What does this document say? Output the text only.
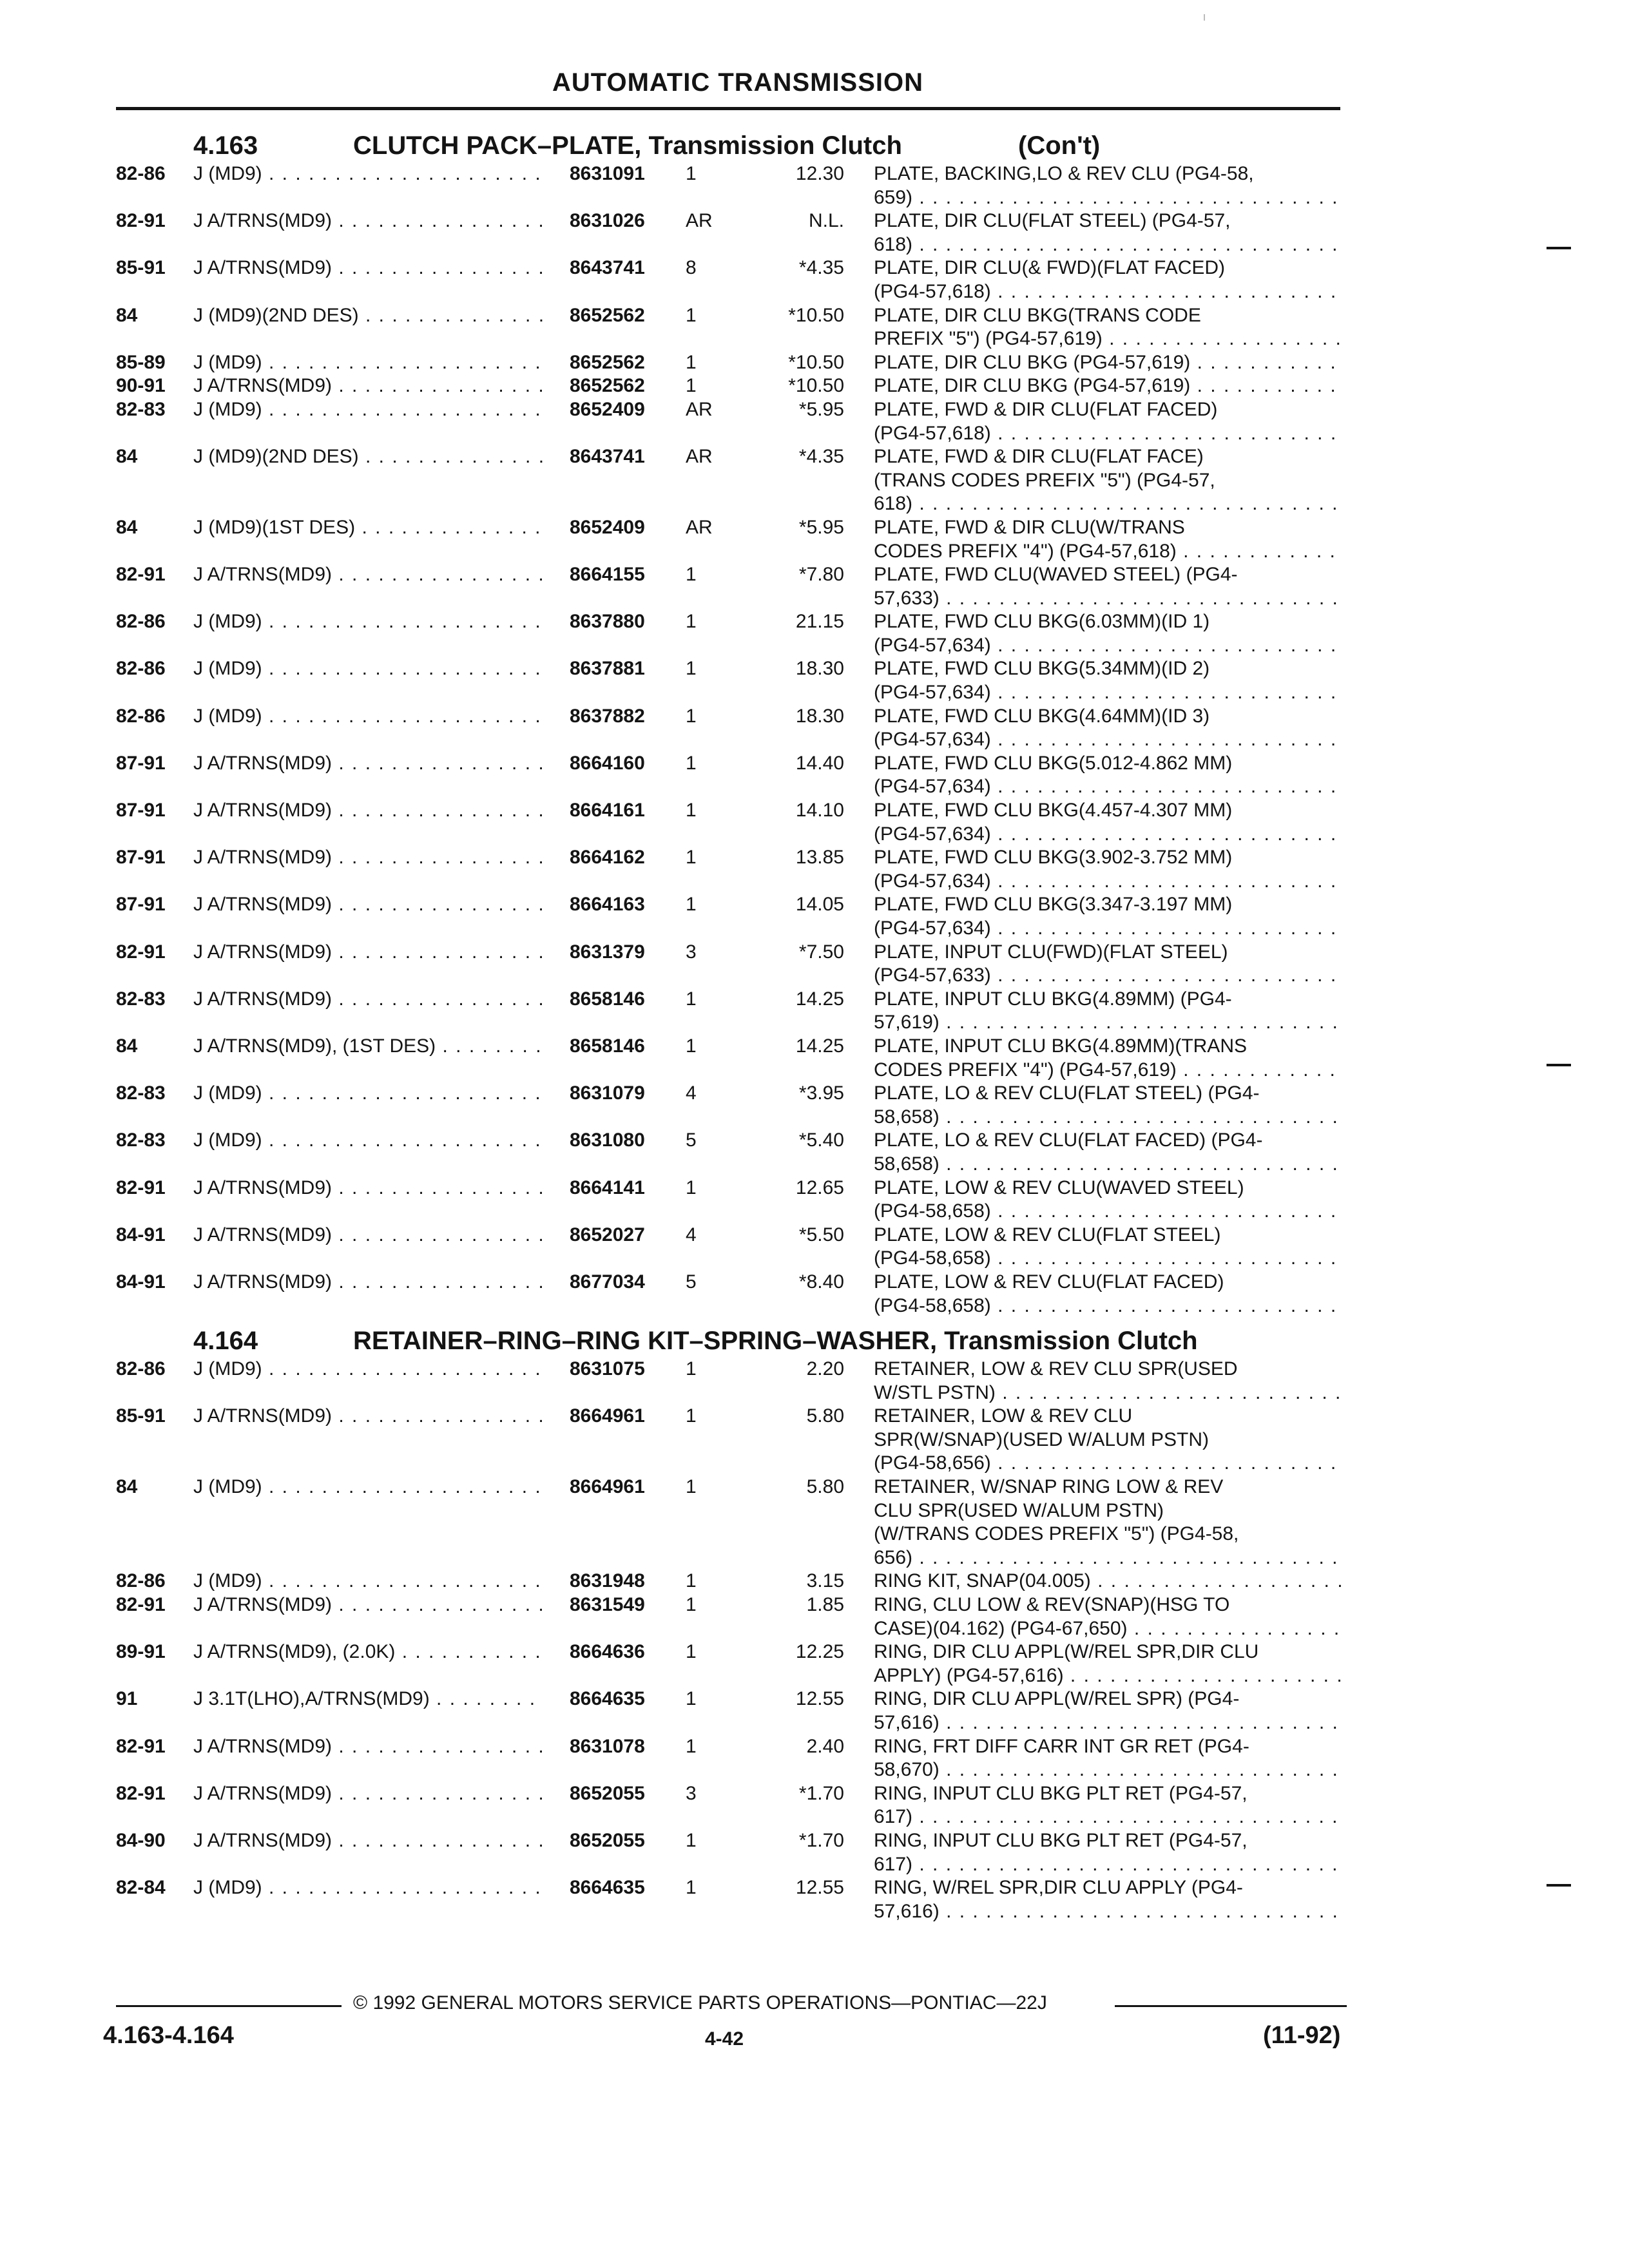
AUTOMATIC TRANSMISSION
4.163	CLUTCH PACK–PLATE, Transmission Clutch	(Con't)
82-86	J (MD9) . . .	8631091 1	12.30 PLATE, BACKING,LO & REV CLU (PG4-58,
659) . . .
82-91	J A/TRNS(MD9) . . .	8631026 AR	N.L. PLATE, DIR CLU(FLAT STEEL) (PG4-57,
618) . . .
85-91	J A/TRNS(MD9) . . .	8643741 8	*4.35 PLATE, DIR CLU(& FWD)(FLAT FACED)
(PG4-57,618) . . .
84	J (MD9)(2ND DES) . . .	8652562 1	*10.50 PLATE, DIR CLU BKG(TRANS CODE
PREFIX "5") (PG4-57,619) . . .
85-89	J (MD9) . . .	8652562 1	*10.50 PLATE, DIR CLU BKG (PG4-57,619) . . .
90-91	J A/TRNS(MD9) . . .	8652562 1	*10.50 PLATE, DIR CLU BKG (PG4-57,619) . . .
82-83	J (MD9) . . .	8652409 AR	*5.95 PLATE, FWD & DIR CLU(FLAT FACED)
(PG4-57,618) . . .
84	J (MD9)(2ND DES) . . .	8643741 AR	*4.35 PLATE, FWD & DIR CLU(FLAT FACE)
(TRANS CODES PREFIX "5") (PG4-57,
618) . . .
84	J (MD9)(1ST DES) . . .	8652409 AR	*5.95 PLATE, FWD & DIR CLU(W/TRANS
CODES PREFIX "4") (PG4-57,618) . . .
82-91	J A/TRNS(MD9) . . .	8664155 1	*7.80 PLATE, FWD CLU(WAVED STEEL) (PG4-
57,633) . . .
82-86	J (MD9) . . .	8637880 1	21.15 PLATE, FWD CLU BKG(6.03MM)(ID 1)
(PG4-57,634) . . .
82-86	J (MD9) . . .	8637881 1	18.30 PLATE, FWD CLU BKG(5.34MM)(ID 2)
(PG4-57,634) . . .
82-86	J (MD9) . . .	8637882 1	18.30 PLATE, FWD CLU BKG(4.64MM)(ID 3)
(PG4-57,634) . . .
87-91	J A/TRNS(MD9) . . .	8664160 1	14.40 PLATE, FWD CLU BKG(5.012-4.862 MM)
(PG4-57,634) . . .
87-91	J A/TRNS(MD9) . . .	8664161 1	14.10 PLATE, FWD CLU BKG(4.457-4.307 MM)
(PG4-57,634) . . .
87-91	J A/TRNS(MD9) . . .	8664162 1	13.85 PLATE, FWD CLU BKG(3.902-3.752 MM)
(PG4-57,634) . . .
87-91	J A/TRNS(MD9) . . .	8664163 1	14.05 PLATE, FWD CLU BKG(3.347-3.197 MM)
(PG4-57,634) . . .
82-91	J A/TRNS(MD9) . . .	8631379 3	*7.50 PLATE, INPUT CLU(FWD)(FLAT STEEL)
(PG4-57,633) . . .
82-83	J A/TRNS(MD9) . . .	8658146 1	14.25 PLATE, INPUT CLU BKG(4.89MM) (PG4-
57,619) . . .
84	J A/TRNS(MD9), (1ST DES) . . .	8658146 1	14.25 PLATE, INPUT CLU BKG(4.89MM)(TRANS
CODES PREFIX "4") (PG4-57,619) . . .
82-83	J (MD9) . . .	8631079 4	*3.95 PLATE, LO & REV CLU(FLAT STEEL) (PG4-
58,658) . . .
82-83	J (MD9) . . .	8631080 5	*5.40 PLATE, LO & REV CLU(FLAT FACED) (PG4-
58,658) . . .
82-91	J A/TRNS(MD9) . . .	8664141 1	12.65 PLATE, LOW & REV CLU(WAVED STEEL)
(PG4-58,658) . . .
84-91	J A/TRNS(MD9) . . .	8652027 4	*5.50 PLATE, LOW & REV CLU(FLAT STEEL)
(PG4-58,658) . . .
84-91	J A/TRNS(MD9) . . .	8677034 5	*8.40 PLATE, LOW & REV CLU(FLAT FACED)
(PG4-58,658) . . .
4.164	RETAINER–RING–RING KIT–SPRING–WASHER, Transmission Clutch
82-86	J (MD9) . . .	8631075 1	2.20 RETAINER, LOW & REV CLU SPR(USED
W/STL PSTN) . . .
85-91	J A/TRNS(MD9) . . .	8664961 1	5.80 RETAINER, LOW & REV CLU
SPR(W/SNAP)(USED W/ALUM PSTN)
(PG4-58,656) . . .
84	J (MD9) . . .	8664961 1	5.80 RETAINER, W/SNAP RING LOW & REV
CLU SPR(USED W/ALUM PSTN)
(W/TRANS CODES PREFIX "5") (PG4-58,
656) . . .
82-86	J (MD9) . . .	8631948 1	3.15 RING KIT, SNAP(04.005) . . .
82-91	J A/TRNS(MD9) . . .	8631549 1	1.85 RING, CLU LOW & REV(SNAP)(HSG TO
CASE)(04.162) (PG4-67,650) . . .
89-91	J A/TRNS(MD9), (2.0K) . . .	8664636 1	12.25 RING, DIR CLU APPL(W/REL SPR,DIR CLU
APPLY) (PG4-57,616) . . .
91	J 3.1T(LHO),A/TRNS(MD9) . . .	8664635 1	12.55 RING, DIR CLU APPL(W/REL SPR) (PG4-
57,616) . . .
82-91	J A/TRNS(MD9) . . .	8631078 1	2.40 RING, FRT DIFF CARR INT GR RET (PG4-
58,670) . . .
82-91	J A/TRNS(MD9) . . .	8652055 3	*1.70 RING, INPUT CLU BKG PLT RET (PG4-57,
617) . . .
84-90	J A/TRNS(MD9) . . .	8652055 1	*1.70 RING, INPUT CLU BKG PLT RET (PG4-57,
617) . . .
82-84	J (MD9) . . .	8664635 1	12.55 RING, W/REL SPR,DIR CLU APPLY (PG4-
57,616) . . .
© 1992 GENERAL MOTORS SERVICE PARTS OPERATIONS—PONTIAC—22J
4.163-4.164	4-42	(11-92)
